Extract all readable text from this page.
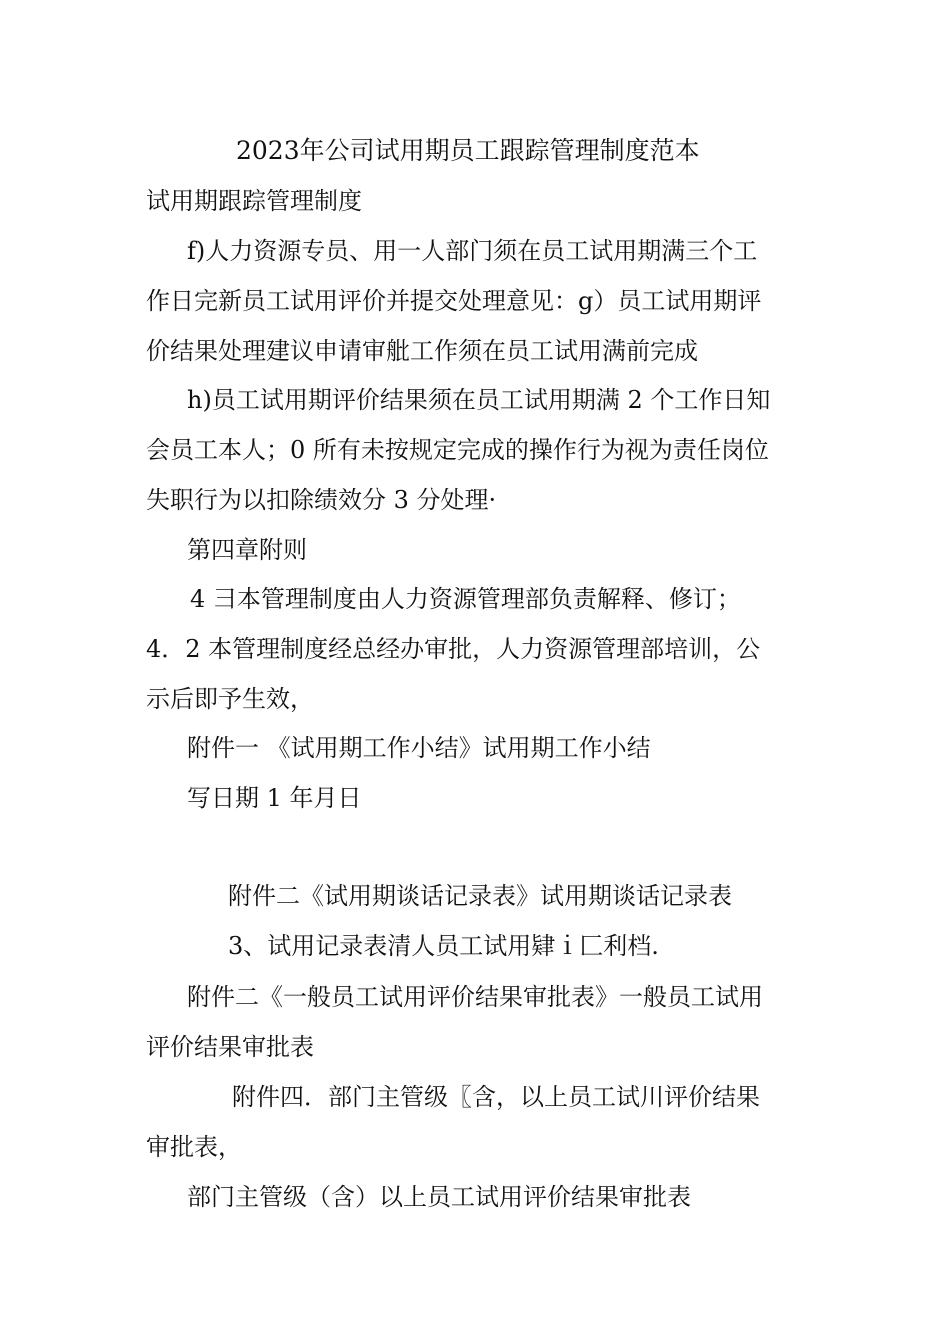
2023年公司试用期员工跟踪管理制度范本
试用期跟踪管理制度
f)人力资源专员、用一人部门须在员工试用期满三个工
作日完新员工试用评价并提交处理意见：g）员工试用期评
价结果处理建议申请审舭工作须在员工试用满前完成
h)员工试用期评价结果须在员工试用期满 2 个工作日知
会员工本人；0 所有未按规定完成的操作行为视为责任岗位
失职行为以扣除绩效分 3 分处理·
第四章附则
4 彐本管理制度由人力资源管理部负责解释、修订；
4．2 本管理制度经总经办审批，人力资源管理部培训，公
示后即予生效，
附件一 《试用期工作小结》试用期工作小结
写日期 1 年月日
附件二《试用期谈话记录表》试用期谈话记录表
3、试用记录表清人员工试用肄ｉ匚利档.
附件二《一般员工试用评价结果审批表》一般员工试用
评价结果审批表
附件四．部门主管级〖含，以上员工试川评价结果
审批表，
部门主管级（含）以上员工试用评价结果审批表
